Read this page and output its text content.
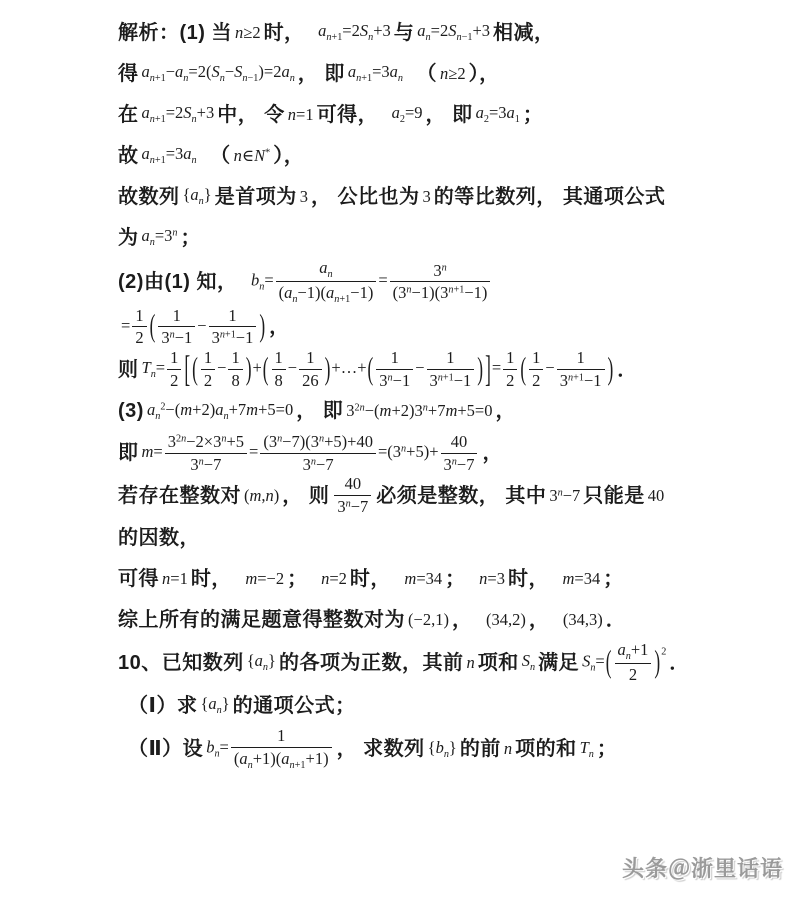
解析：(1) 当 n≥2 时，　 $a_{n+1}=2S_n+3$ 与 $a_n=2S_{n-1}+3$ 相减，
得 $a_{n+1}-a_n=2(S_n-S_{n-1})=2a_n$ ， 即 $a_{n+1}=3a_n$ 　（ n≥2 ），
在 $a_{n+1}=2S_n+3$ 中， 令 n=1 可得，　 $a_2=9$ ， 即 $a_2=3a_1$ ；
故 $a_{n+1}=3a_n$ 　（ n∈N* ），
故数列 $\{a_n\}$ 是首项为 3 ， 公比也为 3 的等比数列， 其通项公式
为 $a_n=3^n$ ；
(2)由(1) 知，　 $b_n= \frac{a_n}{(a_n-1)(a_{n+1}-1)} = \frac{3^n}{(3^n-1)(3^{n+1}-1)}$
= $\frac{1}{2}$ ( $\frac{1}{3^n-1} - \frac{1}{3^{n+1}-1}$ ) ，
则 $T_n= \frac{1}{2}$ [ ( $\frac{1}{2} - \frac{1}{8}$ ) + ( $\frac{1}{8} - \frac{1}{26}$ ) +…+ ( $\frac{1}{3^n-1} - \frac{1}{3^{n+1}-1}$ ) ] = $\frac{1}{2}$ ( $\frac{1}{2} - \frac{1}{3^{n+1}-1}$ ) ．
(3) $a_n^2-(m+2)a_n+7m+5=0$ ， 即 $3^{2n}-(m+2)3^n+7m+5=0$ ，
即 $m= \frac{3^{2n}-2\times 3^n+5}{3^n-7} = \frac{(3^n-7)(3^n+5)+40}{3^n-7} =(3^n+5)+ \frac{40}{3^n-7}$ ，
若存在整数对 (m,n) ， 则 $\frac{40}{3^n-7}$ 必须是整数， 其中 $3^n-7$ 只能是 40
的因数，
可得 n=1 时，　 m=−2 ；　 n=2 时，　 m=34 ；　 n=3 时，　 m=34 ；
综上所有的满足题意得整数对为 (−2,1) ，　 (34,2) ，　 (34,3) ．
10、已知数列 $\{a_n\}$ 的各项为正数，其前 n 项和 $S_n$ 满足 $S_n=$ ( $\frac{a_n+1}{2}$ ) $^2$ ．
（Ⅰ）求 $\{a_n\}$ 的通项公式；
（Ⅱ）设 $b_n= \frac{1}{(a_n+1)(a_{n+1}+1)}$ ， 求数列 $\{b_n\}$ 的前 n 项的和 $T_n$ ；
头条＠浙里话语
